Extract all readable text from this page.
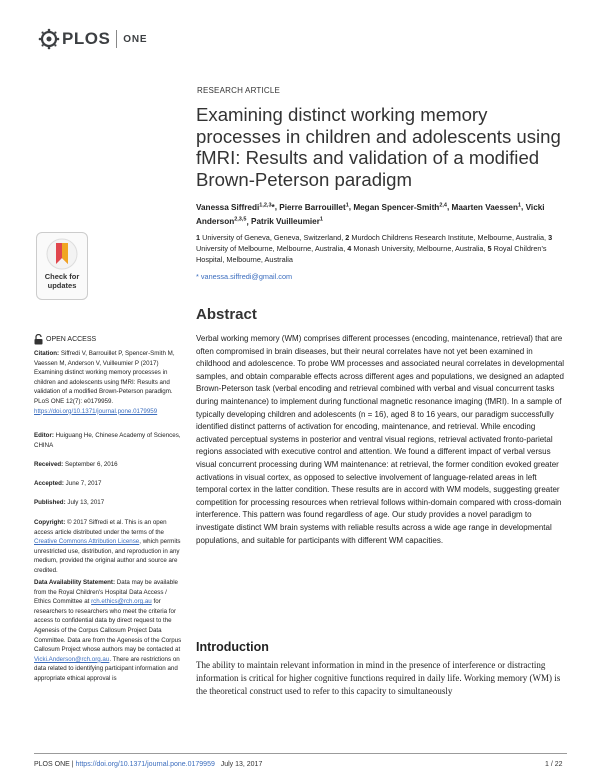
PLOS ONE
RESEARCH ARTICLE
Examining distinct working memory processes in children and adolescents using fMRI: Results and validation of a modified Brown-Peterson paradigm
Vanessa Siffredi$^{1,2,3}$*, Pierre Barrouillet$^1$, Megan Spencer-Smith$^{2,4}$, Maarten Vaessen$^1$, Vicki Anderson$^{2,3,5}$, Patrik Vuilleumier$^1$
1 University of Geneva, Geneva, Switzerland, 2 Murdoch Childrens Research Institute, Melbourne, Australia, 3 University of Melbourne, Melbourne, Australia, 4 Monash University, Melbourne, Australia, 5 Royal Children's Hospital, Melbourne, Australia
* vanessa.siffredi@gmail.com
Check for
updates
OPEN ACCESS
Citation: Siffredi V, Barrouillet P, Spencer-Smith M, Vaessen M, Anderson V, Vuilleumier P (2017) Examining distinct working memory processes in children and adolescents using fMRI: Results and validation of a modified Brown-Peterson paradigm. PLoS ONE 12(7): e0179959. https://doi.org/10.1371/journal.pone.0179959
Editor: Huiguang He, Chinese Academy of Sciences, CHINA
Received: September 6, 2016
Accepted: June 7, 2017
Published: July 13, 2017
Copyright: © 2017 Siffredi et al. This is an open access article distributed under the terms of the Creative Commons Attribution License, which permits unrestricted use, distribution, and reproduction in any medium, provided the original author and source are credited.
Data Availability Statement: Data may be available from the Royal Children's Hospital Data Access / Ethics Committee at rch.ethics@rch.org.au for researchers to researchers who meet the criteria for access to confidential data by direct request to the Agenesis of the Corpus Callosum Project Data Committee. Data are from the Agenesis of the Corpus Callosum Project whose authors may be contacted at Vicki.Anderson@rch.org.au. There are restrictions on data related to identifying participant information and appropriate ethical approval is
Abstract

Verbal working memory (WM) comprises different processes (encoding, maintenance, retrieval) that are often compromised in brain diseases, but their neural correlates have not yet been examined in childhood and adolescence. To probe WM processes and associated neural correlates in developmental samples, and obtain comparable effects across different ages and populations, we designed an adapted Brown-Peterson task (verbal encoding and retrieval combined with verbal and visual concurrent tasks during maintenance) to implement during functional magnetic resonance imaging (fMRI). In a sample of typically developing children and adolescents (n = 16), aged 8 to 16 years, our paradigm successfully identified distinct patterns of activation for encoding, maintenance, and retrieval. While encoding activated perceptual systems in posterior and ventral visual regions, retrieval activated fronto-parietal regions associated with executive control and attention. We found a different impact of verbal versus visual concurrent processing during WM maintenance: at retrieval, the former condition evoked greater activations in visual cortex, as opposed to selective involvement of language-related areas in left temporal cortex in the latter condition. These results are in accord with WM models, suggesting greater competition for processing resources when retrieval follows within-domain compared with cross-domain interference. This pattern was found regardless of age. Our study provides a novel paradigm to investigate distinct WM brain systems with reliable results across a wide age range in developmental populations, and suitable for participants with different WM capacities.

Introduction

The ability to maintain relevant information in mind in the presence of interference or distracting information is critical for higher cognitive functions required in daily life. Working memory (WM) is the theoretical construct used to refer to this capacity to simultaneously

PLOS ONE | https://doi.org/10.1371/journal.pone.0179959 July 13, 2017	1 / 22
